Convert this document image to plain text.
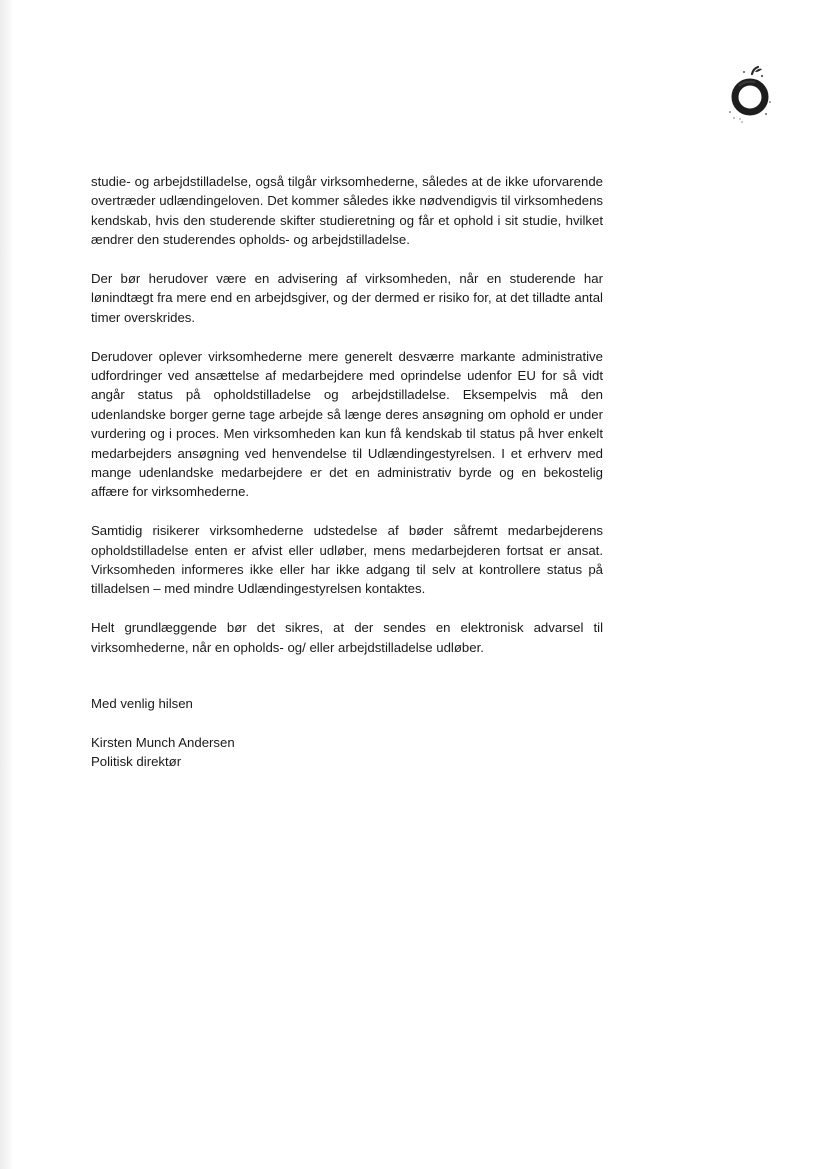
studie- og arbejdstilladelse, også tilgår virksomhederne, således at de ikke uforvarende overtræder udlændingeloven. Det kommer således ikke nødvendigvis til virksomhedens kendskab, hvis den studerende skifter studieretning og får et ophold i sit studie, hvilket ændrer den studerendes opholds- og arbejdstilladelse.

Der bør herudover være en advisering af virksomheden, når en studerende har lønindtægt fra mere end en arbejdsgiver, og der dermed er risiko for, at det tilladte antal timer overskrides.

Derudover oplever virksomhederne mere generelt desværre markante administrative udfordringer ved ansættelse af medarbejdere med oprindelse udenfor EU for så vidt angår status på opholdstilladelse og arbejdstilladelse. Eksempelvis må den udenlandske borger gerne tage arbejde så længe deres ansøgning om ophold er under vurdering og i proces. Men virksomheden kan kun få kendskab til status på hver enkelt medarbejders ansøgning ved henvendelse til Udlændingestyrelsen. I et erhverv med mange udenlandske medarbejdere er det en administrativ byrde og en bekostelig affære for virksomhederne.

Samtidig risikerer virksomhederne udstedelse af bøder såfremt medarbejderens opholdstilladelse enten er afvist eller udløber, mens medarbejderen fortsat er ansat. Virksomheden informeres ikke eller har ikke adgang til selv at kontrollere status på tilladelsen – med mindre Udlændingestyrelsen kontaktes.

Helt grundlæggende bør det sikres, at der sendes en elektronisk advarsel til virksomhederne, når en opholds- og/ eller arbejdstilladelse udløber.

Med venlig hilsen

Kirsten Munch Andersen
Politisk direktør
